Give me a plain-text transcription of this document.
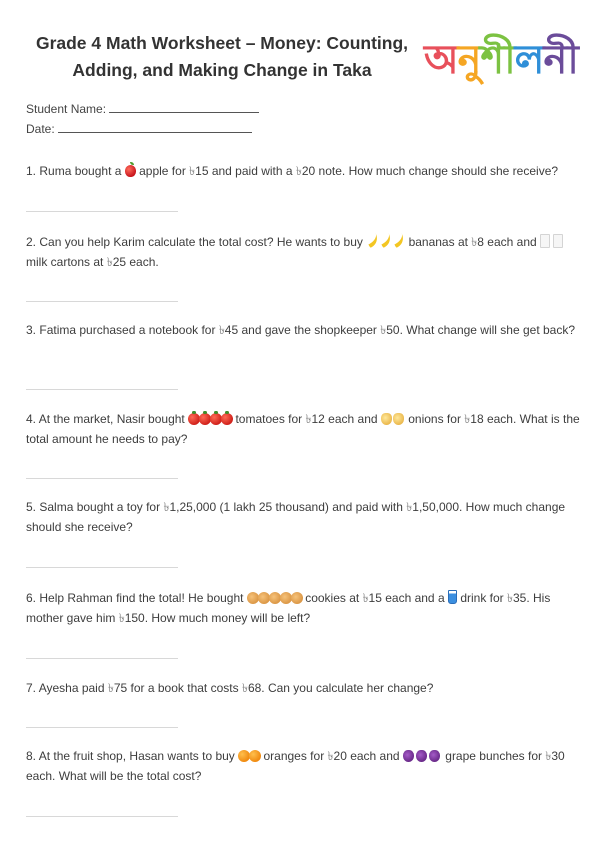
Grade 4 Math Worksheet – Money: Counting,
Adding, and Making Change in Taka	অনুশীলনী
Student Name:
Date:
1. Ruma bought a apple for ৳15 and paid with a ৳20 note. How much change should she receive?
2. Can you help Karim calculate the total cost? He wants to buy	bananas at ৳8 each and   milk cartons at ৳25 each.
3. Fatima purchased a notebook for ৳45 and gave the shopkeeper ৳50. What change will she get back?
4. At the market, Nasir bought	tomatoes for ৳12 each and	onions for ৳18 each. What is the total amount he needs to pay?
5. Salma bought a toy for ৳1,25,000 (1 lakh 25 thousand) and paid with ৳1,50,000. How much change should she receive?
6. Help Rahman find the total! He bought	cookies at ৳15 each and a drink for ৳35. His mother gave him ৳150. How much money will be left?
7. Ayesha paid ৳75 for a book that costs ৳68. Can you calculate her change?
8. At the fruit shop, Hasan wants to buy oranges for ৳20 each and	grape bunches for ৳30 each. What will be the total cost?
